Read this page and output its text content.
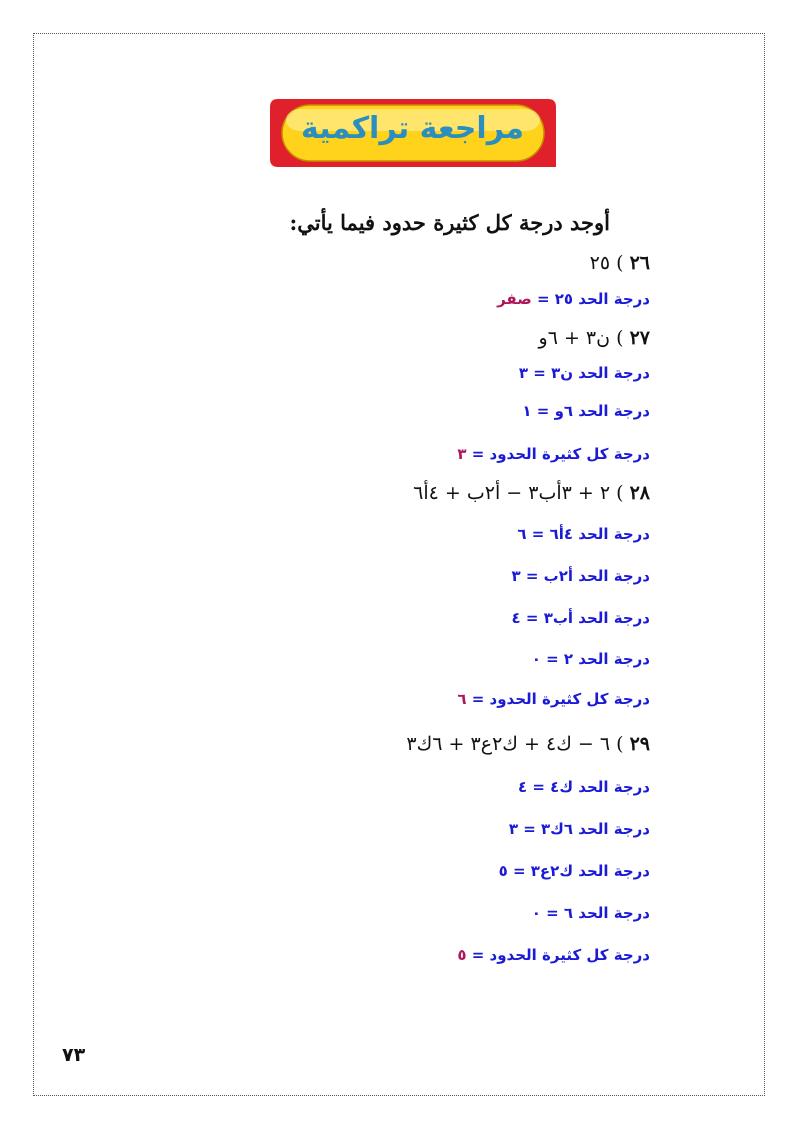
مراجعة تراكمية
أوجد درجة كل كثيرة حدود فيما يأتي:
٢٦ ) ٢٥
درجة الحد ٢٥ = صفر
٢٧ ) ن٣ + ٦و
درجة الحد ن٣ = ٣
درجة الحد ٦و = ١
درجة كل كثيرة الحدود = ٣
٢٨ ) ٢ + ٣أب٣ − أ٢ب + ٤أ٦
درجة الحد ٤أ٦ = ٦
درجة الحد أ٢ب = ٣
درجة الحد أب٣ = ٤
درجة الحد ٢ = ٠
درجة كل كثيرة الحدود = ٦
٢٩ ) ٦ − ك٤ + ك٢ع٣ + ٦ك٣
درجة الحد ك٤ = ٤
درجة الحد ٦ك٣ = ٣
درجة الحد ك٢ع٣ = ٥
درجة الحد ٦ = ٠
درجة كل كثيرة الحدود = ٥
٧٣
